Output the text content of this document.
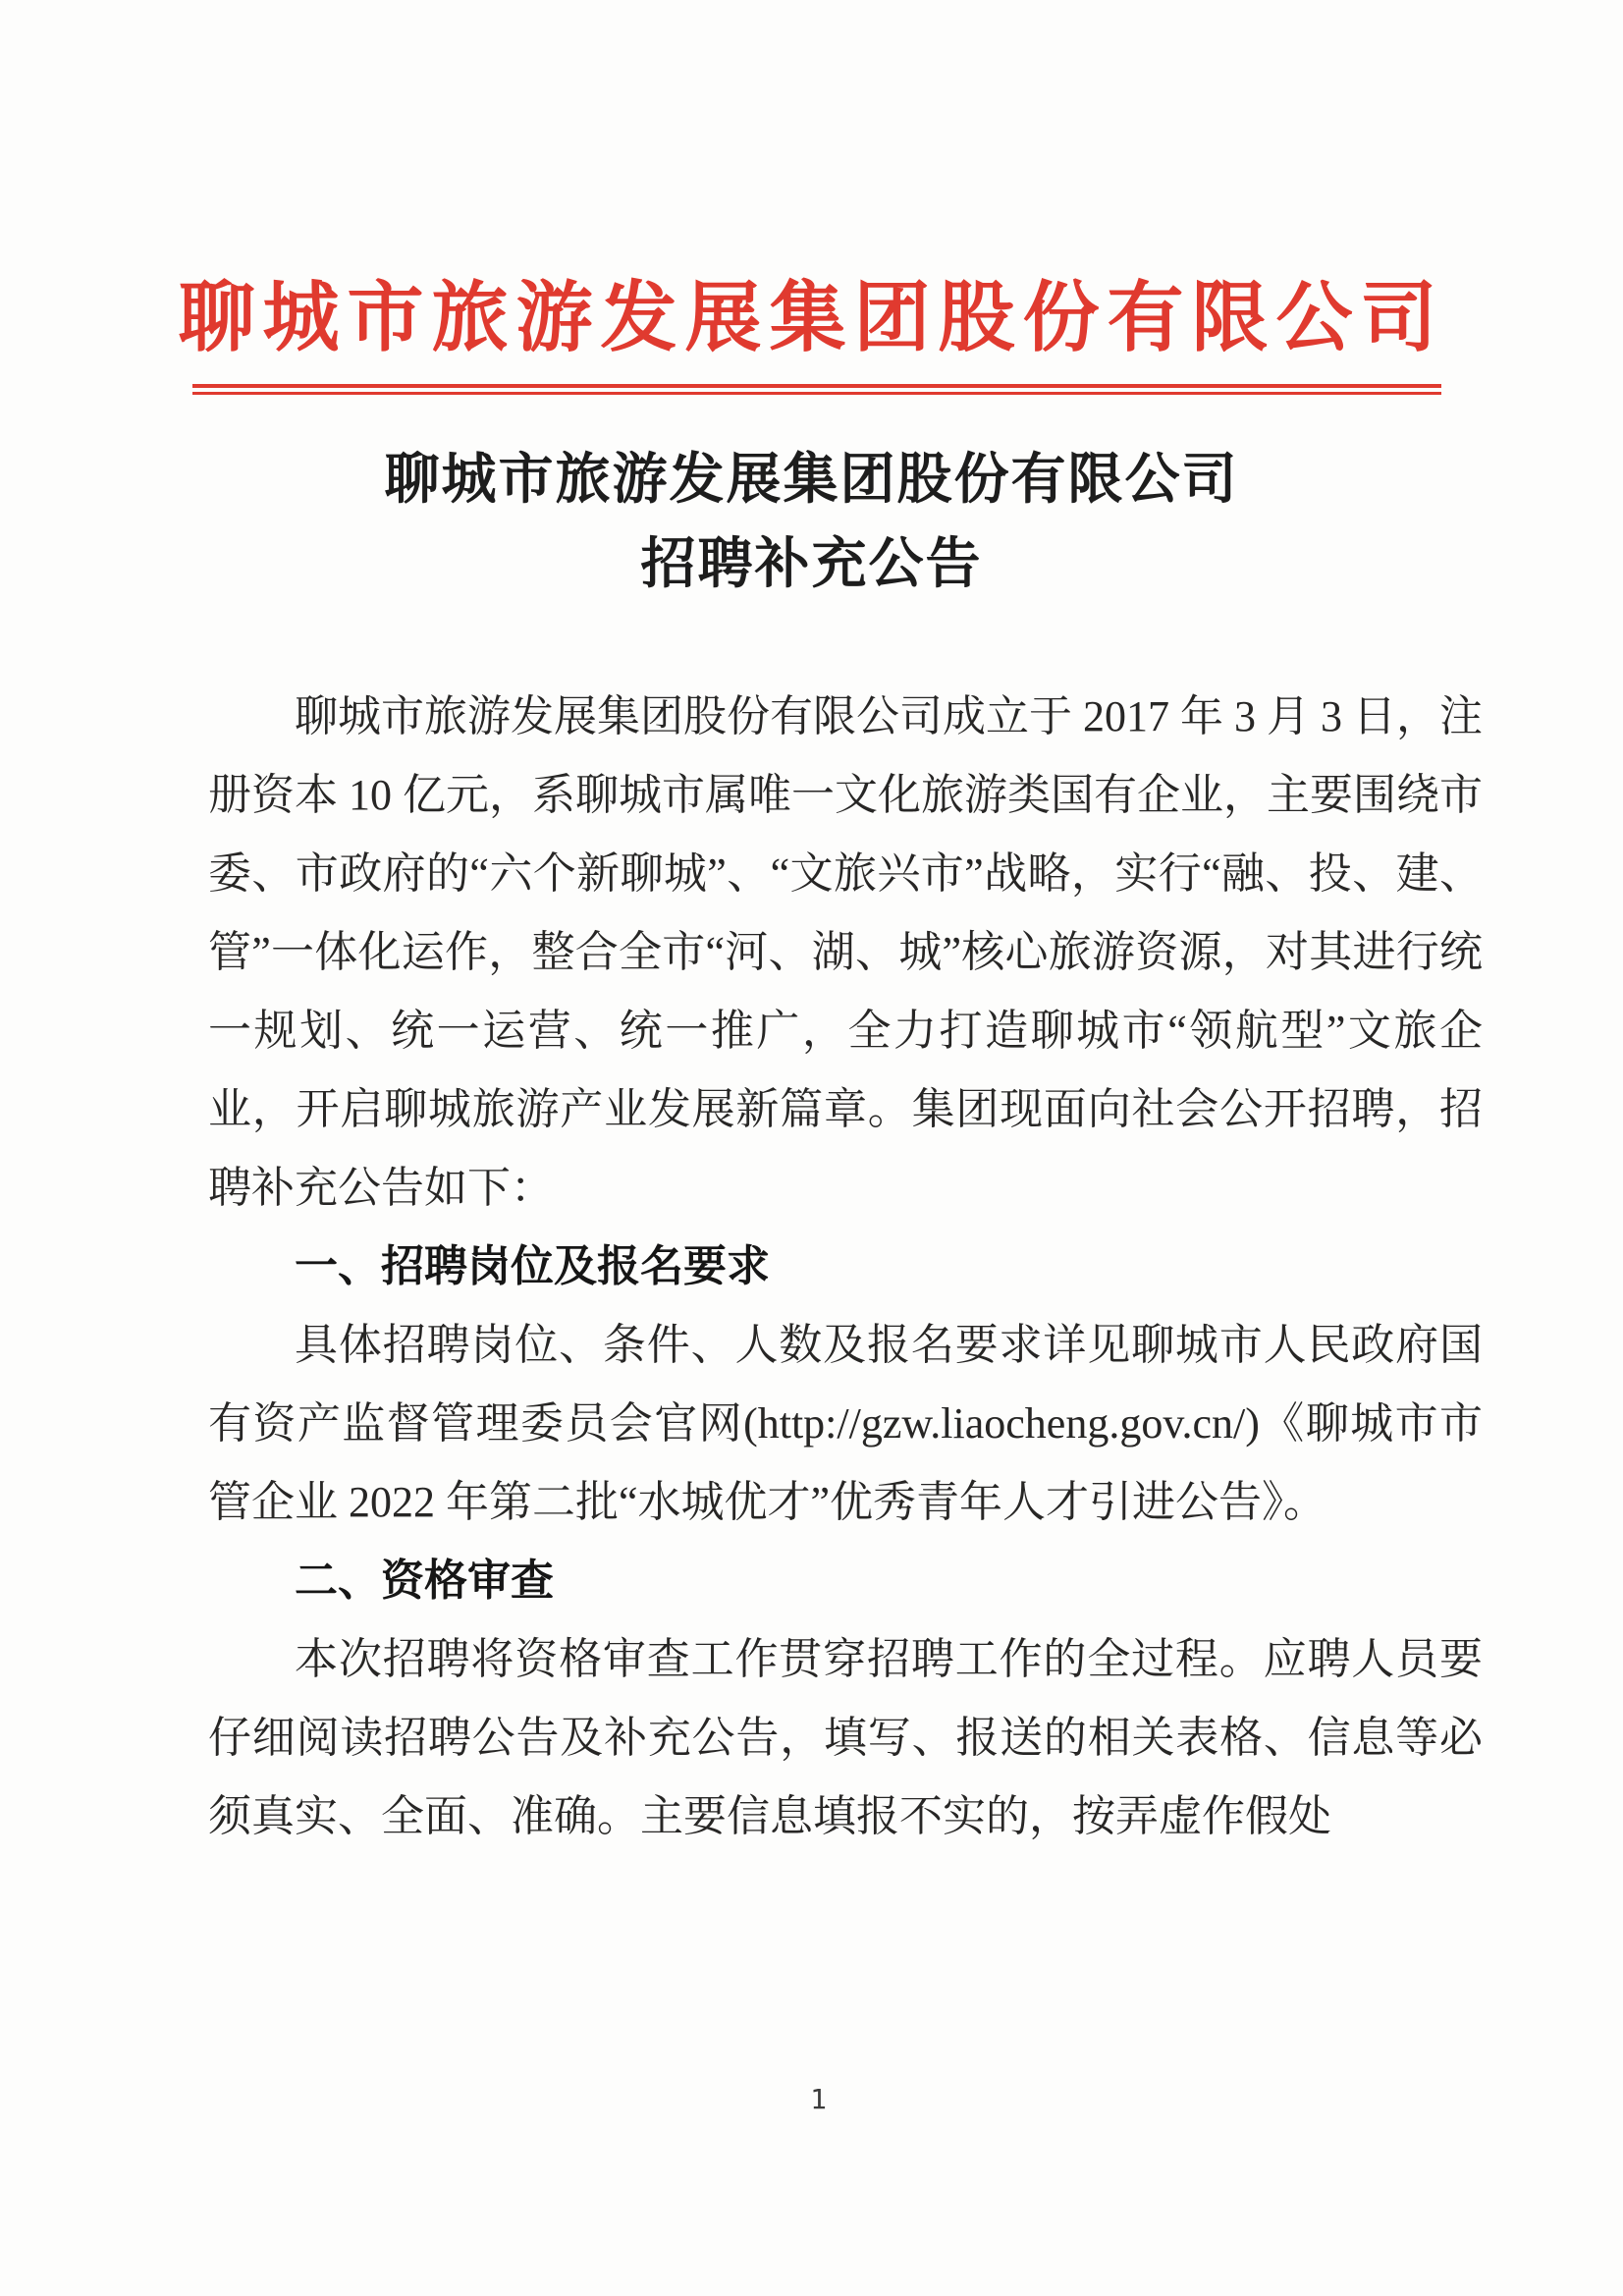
聊城市旅游发展集团股份有限公司
聊城市旅游发展集团股份有限公司
招聘补充公告

聊城市旅游发展集团股份有限公司成立于 2017 年 3 月 3 日，注册资本 10 亿元，系聊城市属唯一文化旅游类国有企业，主要围绕市委、市政府的“六个新聊城”、“文旅兴市”战略，实行“融、投、建、管”一体化运作，整合全市“河、湖、城”核心旅游资源，对其进行统一规划、统一运营、统一推广，全力打造聊城市“领航型”文旅企业，开启聊城旅游产业发展新篇章。集团现面向社会公开招聘，招聘补充公告如下：

一、招聘岗位及报名要求

具体招聘岗位、条件、人数及报名要求详见聊城市人民政府国有资产监督管理委员会官网(http://gzw.liaocheng.gov.cn/)《聊城市市管企业 2022 年第二批“水城优才”优秀青年人才引进公告》。

二、资格审查

本次招聘将资格审查工作贯穿招聘工作的全过程。应聘人员要仔细阅读招聘公告及补充公告，填写、报送的相关表格、信息等必须真实、全面、准确。主要信息填报不实的，按弄虚作假处

1
